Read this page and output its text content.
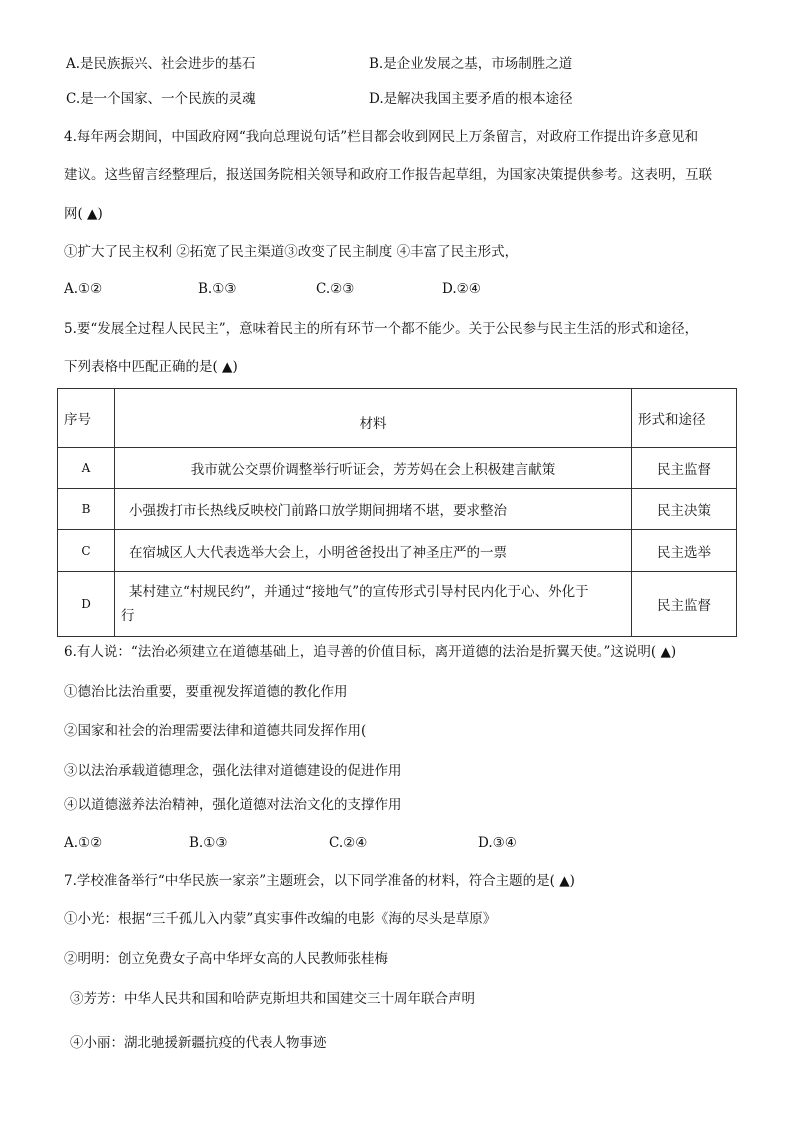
A.是民族振兴、社会进步的基石	B.是企业发展之基，市场制胜之道
C.是一个国家、一个民族的灵魂	D.是解决我国主要矛盾的根本途径
4.每年两会期间，中国政府网“我向总理说句话”栏目都会收到网民上万条留言，对政府工作提出许多意见和
建议。这些留言经整理后，报送国务院相关领导和政府工作报告起草组，为国家决策提供参考。这表明，互联
网( ▲)
①扩大了民主权利 ②拓宽了民主渠道③改变了民主制度 ④丰富了民主形式，
A.①②	B.①③	C.②③	D.②④
5.要“发展全过程人民民主”，意味着民主的所有环节一个都不能少。关于公民参与民主生活的形式和途径，
下列表格中匹配正确的是( ▲)
序号	材料	形式和途径
A	我市就公交票价调整举行听证会，芳芳妈在会上积极建言献策	民主监督
B	小强拨打市长热线反映校门前路口放学期间拥堵不堪，要求整治	民主决策
C	在宿城区人大代表选举大会上，小明爸爸投出了神圣庄严的一票	民主选举
D	某村建立“村规民约”，并通过“接地气”的宣传形式引导村民内化于心、外化于
行	民主监督
6.有人说：“法治必须建立在道德基础上，追寻善的价值目标，离开道德的法治是折翼天使。”这说明( ▲)
①德治比法治重要，要重视发挥道德的教化作用
②国家和社会的治理需要法律和道德共同发挥作用(
③以法治承载道德理念，强化法律对道德建设的促进作用
④以道德滋养法治精神，强化道德对法治文化的支撑作用
A.①②	B.①③	C.②④	D.③④
7.学校准备举行“中华民族一家亲”主题班会，以下同学准备的材料，符合主题的是( ▲)
①小光：根据“三千孤儿入内蒙”真实事件改编的电影《海的尽头是草原》
②明明：创立免费女子高中华坪女高的人民教师张桂梅
③芳芳：中华人民共和国和哈萨克斯坦共和国建交三十周年联合声明
④小丽：湖北驰援新疆抗疫的代表人物事迹
